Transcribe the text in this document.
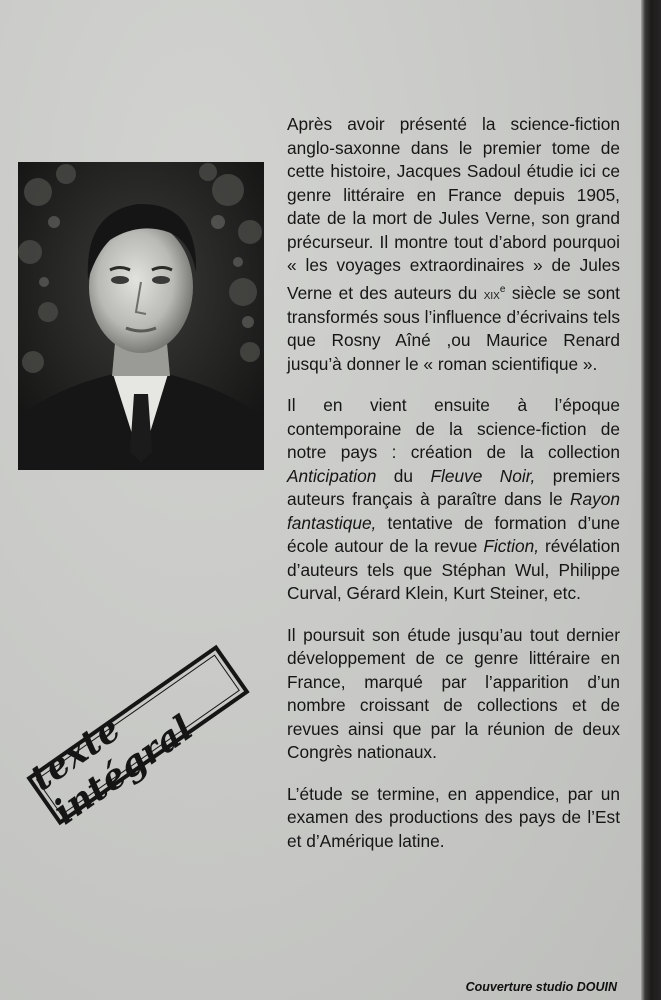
Après avoir présenté la science-fiction anglo-saxonne dans le premier tome de cette histoire, Jacques Sadoul étudie ici ce genre littéraire en France depuis 1905, date de la mort de Jules Verne, son grand précurseur. Il montre tout d’abord pourquoi « les voyages extraordinaires » de Jules Verne et des auteurs du xix$^e$ siècle se sont transformés sous l’influence d’écrivains tels que Rosny Aîné ,ou Maurice Renard jusqu’à donner le « roman scientifique ».

Il en vient ensuite à l’époque contemporaine de la science-fiction de notre pays : création de la collection Anticipation du Fleuve Noir, premiers auteurs français à paraître dans le Rayon fantastique, tentative de formation d’une école autour de la revue Fiction, révélation d’auteurs tels que Stéphan Wul, Philippe Curval, Gérard Klein, Kurt Steiner, etc.

Il poursuit son étude jusqu’au tout dernier développement de ce genre littéraire en France, marqué par l’apparition d’un nombre croissant de collections et de revues ainsi que par la réunion de deux Congrès nationaux.

L’étude se termine, en appendice, par un examen des productions des pays de l’Est et d’Amérique latine.

texte intégral
Couverture studio DOUIN
